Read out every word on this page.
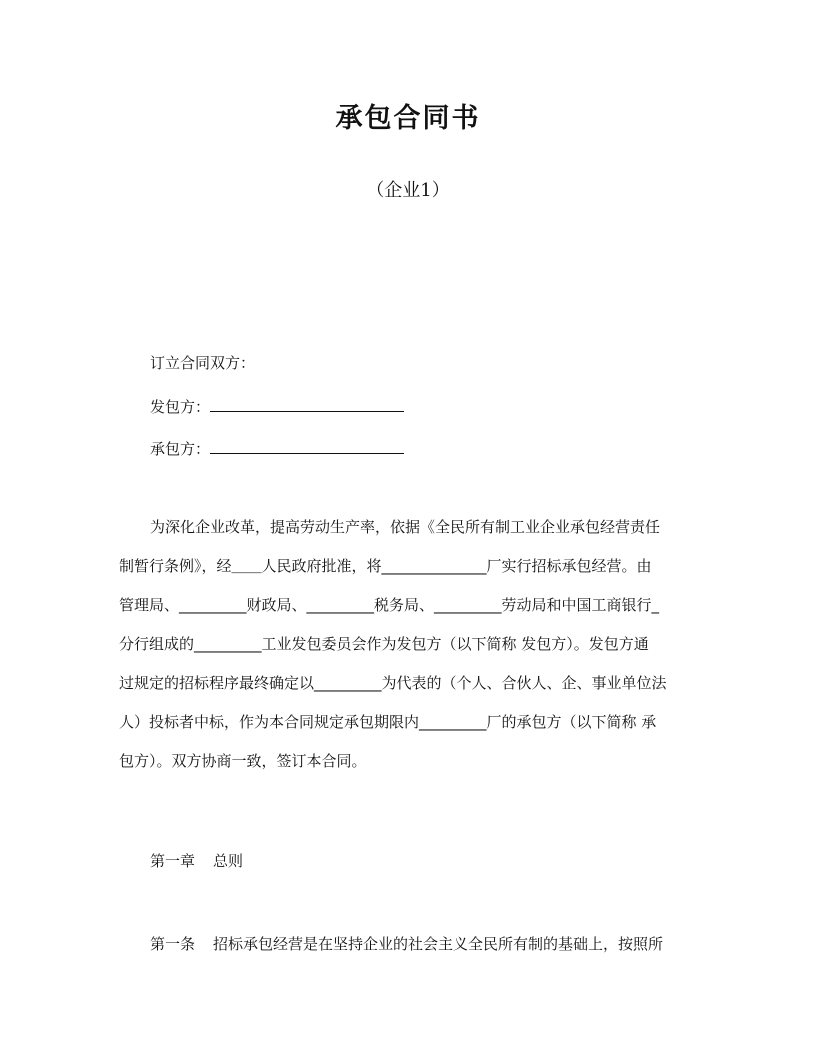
承包合同书
（企业1）
订立合同双方：
发包方：
承包方：
为深化企业改革，提高劳动生产率，依据《全民所有制工业企业承包经营责任
制暂行条例》，经＿＿人民政府批准，将______________厂实行招标承包经营。由
管理局、_________财政局、_________税务局、_________劳动局和中国工商银行_
分行组成的_________工业发包委员会作为发包方（以下简称 发包方）。发包方通
过规定的招标程序最终确定以_________为代表的（个人、合伙人、企、事业单位法
人）投标者中标，作为本合同规定承包期限内_________厂的承包方（以下简称 承
包方）。双方协商一致，签订本合同。
第一章 总则
第一条 招标承包经营是在坚持企业的社会主义全民所有制的基础上，按照所
